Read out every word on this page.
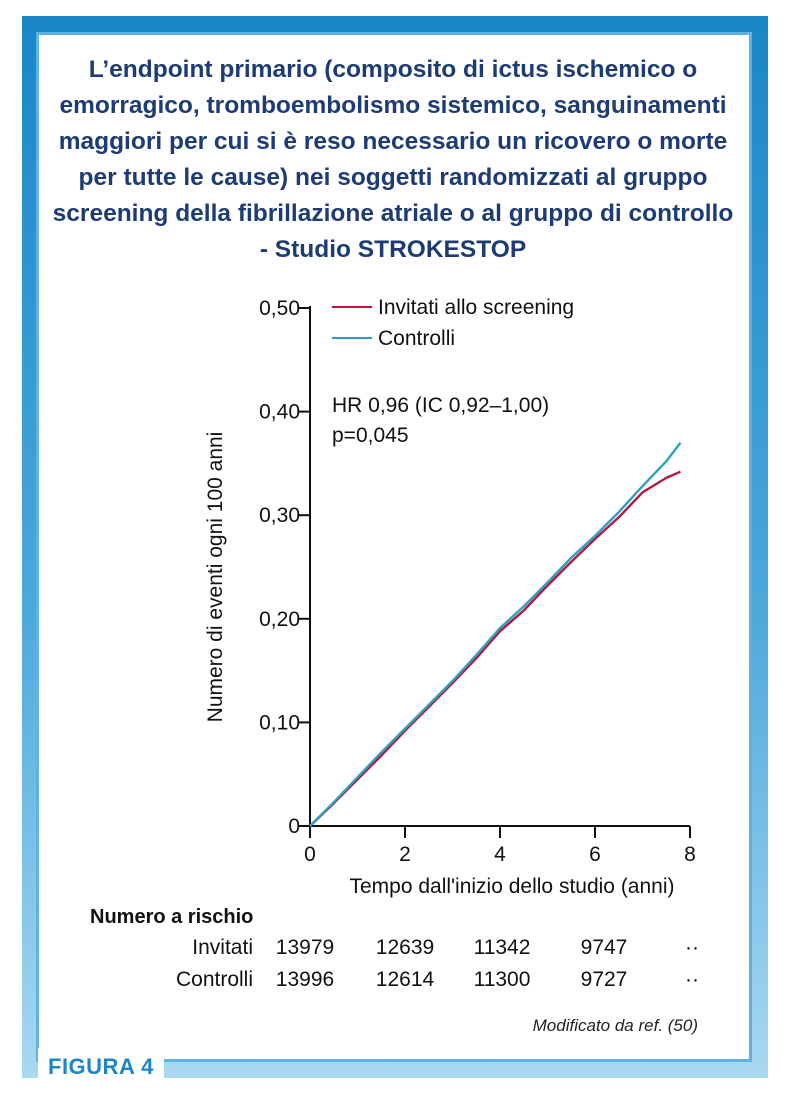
L’endpoint primario (composito di ictus ischemico o emorragico, tromboembolismo sistemico, sanguinamenti maggiori per cui si è reso necessario un ricovero o morte per tutte le cause) nei soggetti randomizzati al gruppo screening della fibrillazione atriale o al gruppo di controllo - Studio STROKESTOP
0
0,10
0,20
0,30
0,40
0,50
0	2	4	6	8
Tempo dall'inizio dello studio (anni)
Numero di eventi ogni 100 anni
Invitati allo screening
Controlli
HR 0,96 (IC 0,92–1,00)
p=0,045
Numero a rischio
Invitati 13979 12639 11342 9747	··
Controlli 13996 12614 11300 9727	··
Modificato da ref. (50)
FIGURA 4
